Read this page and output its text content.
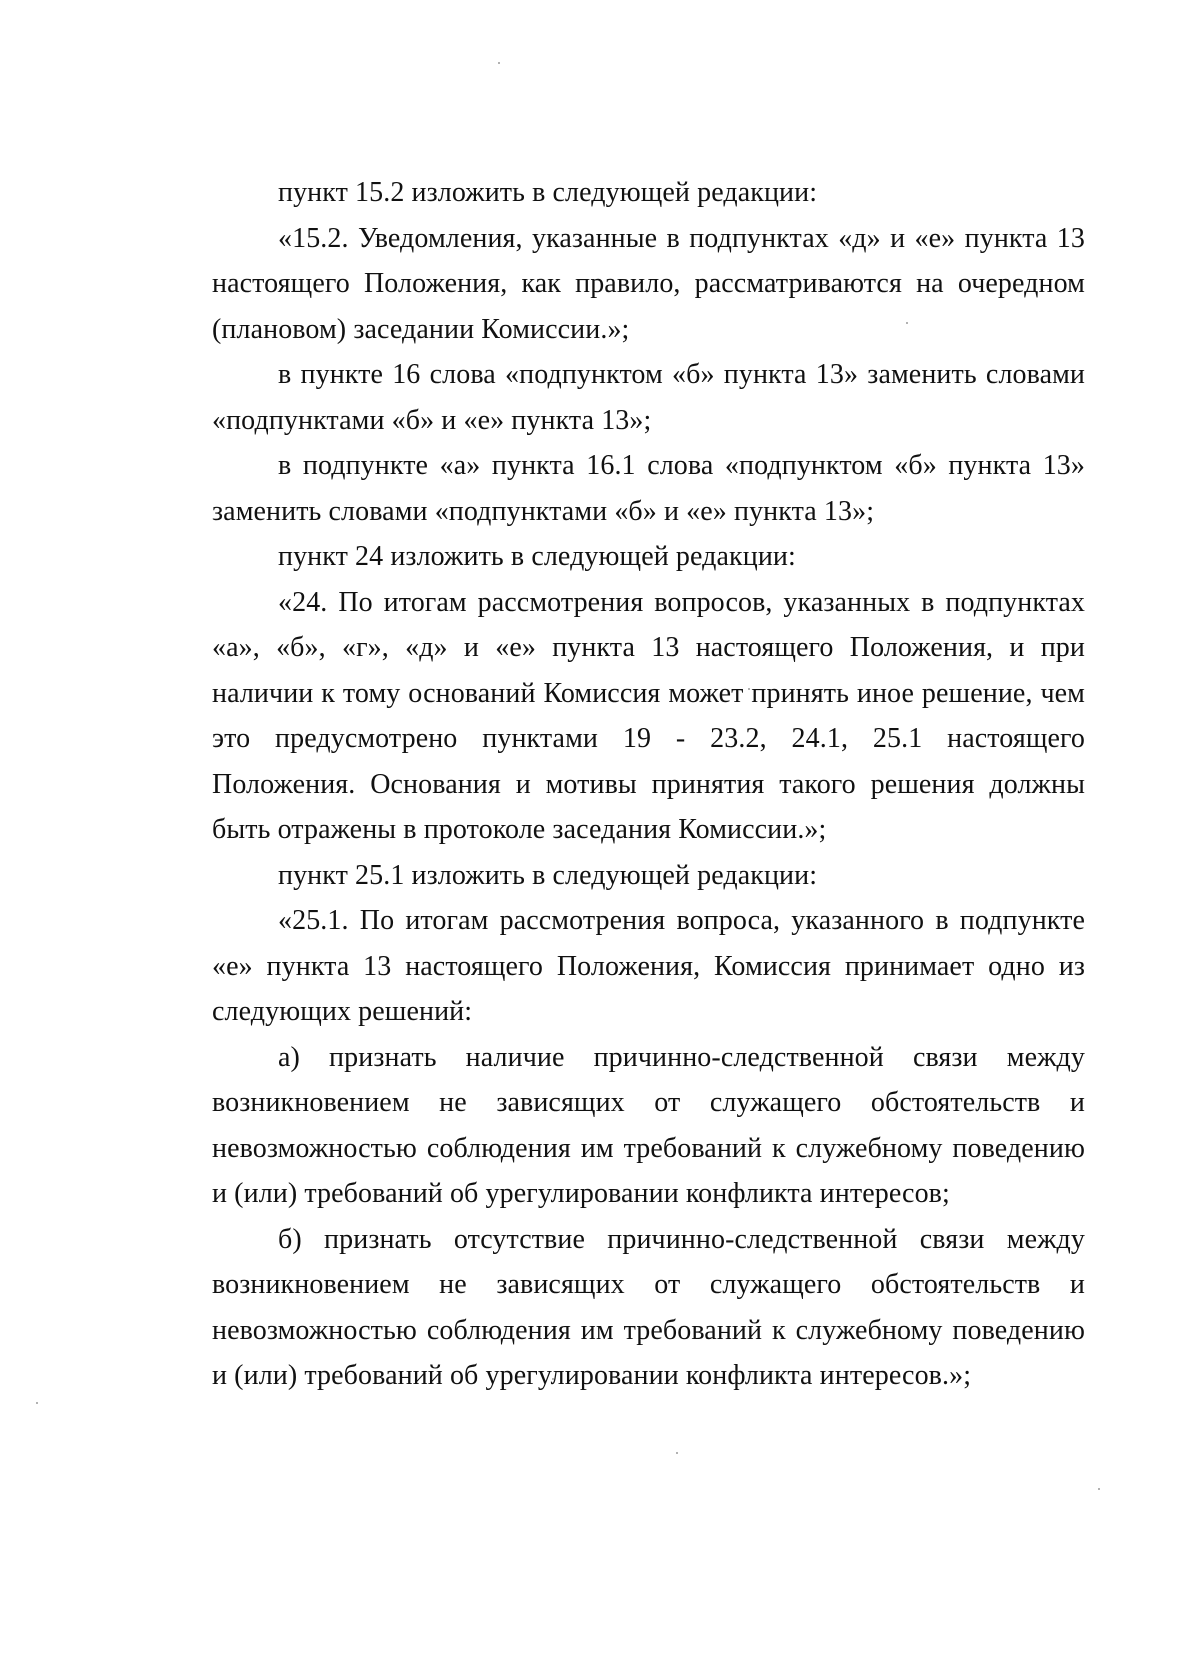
пункт 15.2 изложить в следующей редакции:

«15.2. Уведомления, указанные в подпунктах «д» и «е» пункта 13 настоящего Положения, как правило, рассматриваются на очередном (плановом) заседании Комиссии.»;

в пункте 16 слова «подпунктом «б» пункта 13» заменить словами «подпунктами «б» и «е» пункта 13»;

в подпункте «а» пункта 16.1 слова «подпунктом «б» пункта 13» заменить словами «подпунктами «б» и «е» пункта 13»;

пункт 24 изложить в следующей редакции:

«24. По итогам рассмотрения вопросов, указанных в подпунктах «а», «б», «г», «д» и «е» пункта 13 настоящего Положения, и при наличии к тому оснований Комиссия может принять иное решение, чем это предусмотрено пунктами 19 - 23.2, 24.1, 25.1 настоящего Положения. Основания и мотивы принятия такого решения должны быть отражены в протоколе заседания Комиссии.»;

пункт 25.1 изложить в следующей редакции:

«25.1. По итогам рассмотрения вопроса, указанного в подпункте «е» пункта 13 настоящего Положения, Комиссия принимает одно из следующих решений:

а) признать наличие причинно-следственной связи между возникновением не зависящих от служащего обстоятельств и невозможностью соблюдения им требований к служебному поведению и (или) требований об урегулировании конфликта интересов;

б) признать отсутствие причинно-следственной связи между возникновением не зависящих от служащего обстоятельств и невозможностью соблюдения им требований к служебному поведению и (или) требований об урегулировании конфликта интересов.»;
